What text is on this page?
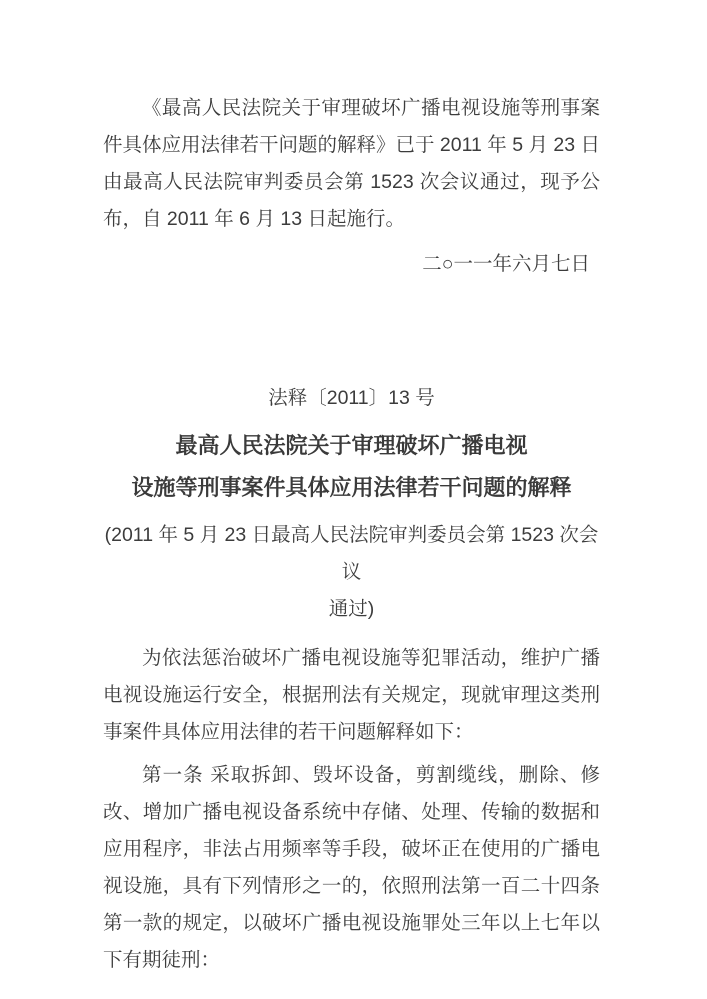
《最高人民法院关于审理破坏广播电视设施等刑事案件具体应用法律若干问题的解释》已于 2011 年 5 月 23 日由最高人民法院审判委员会第 1523 次会议通过，现予公布，自 2011 年 6 月 13 日起施行。

二○一一年六月七日

法释〔2011〕13 号

最高人民法院关于审理破坏广播电视
设施等刑事案件具体应用法律若干问题的解释

(2011 年 5 月 23 日最高人民法院审判委员会第 1523 次会议

通过)

为依法惩治破坏广播电视设施等犯罪活动，维护广播电视设施运行安全，根据刑法有关规定，现就审理这类刑事案件具体应用法律的若干问题解释如下：

第一条 采取拆卸、毁坏设备，剪割缆线，删除、修改、增加广播电视设备系统中存储、处理、传输的数据和应用程序，非法占用频率等手段，破坏正在使用的广播电视设施，具有下列情形之一的，依照刑法第一百二十四条第一款的规定，以破坏广播电视设施罪处三年以上七年以下有期徒刑：
